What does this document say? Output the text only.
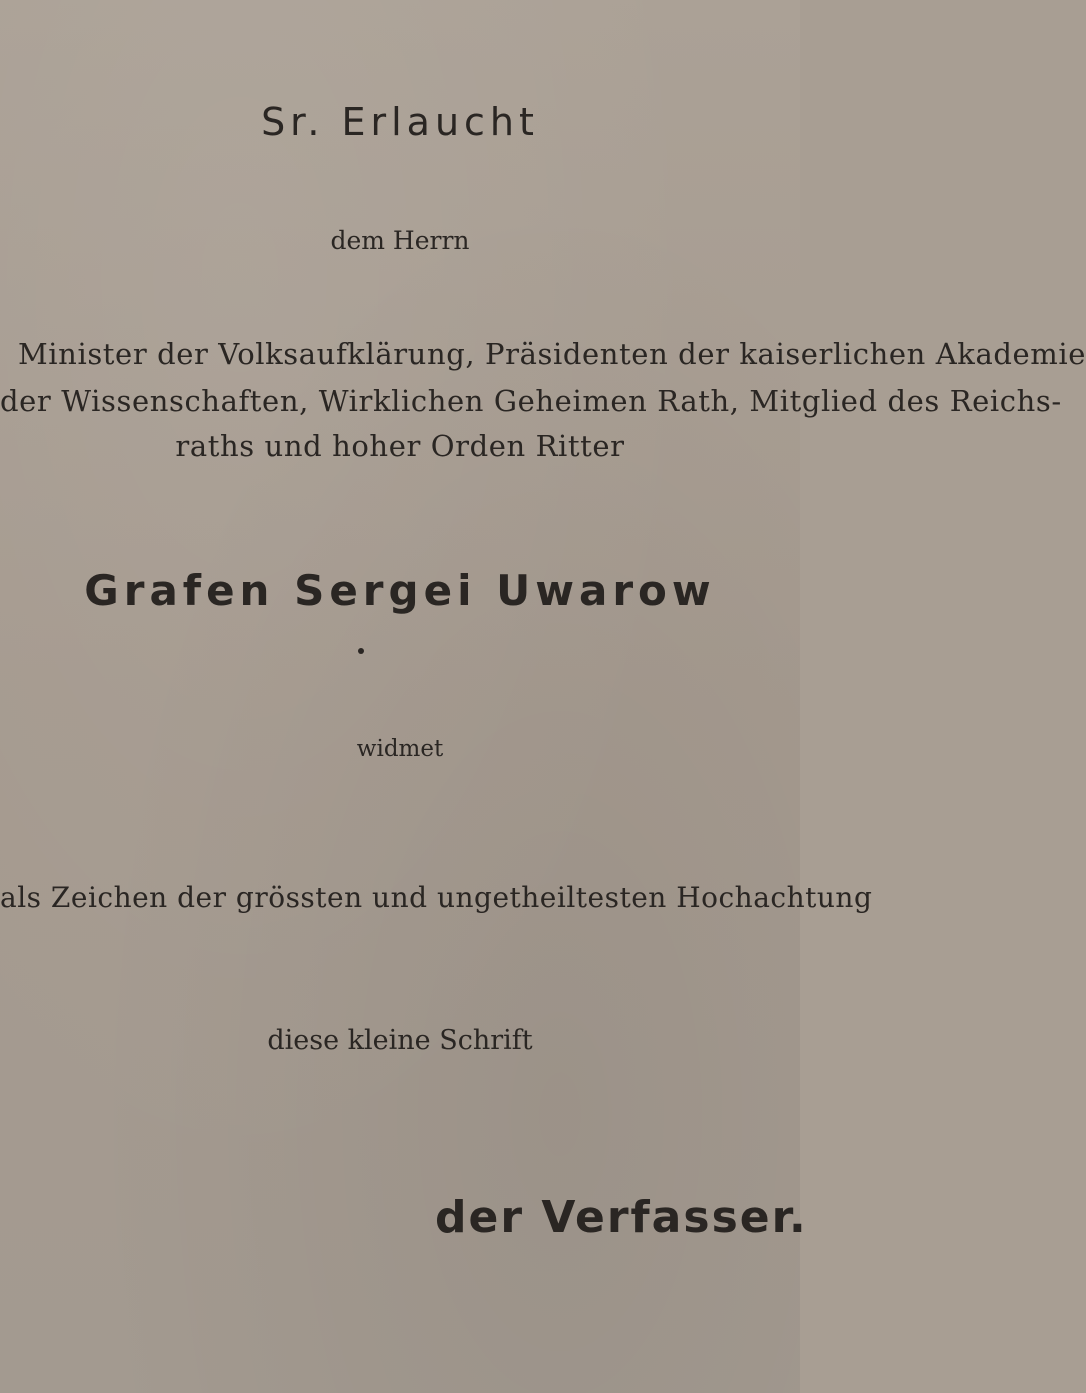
Sr. Erlaucht
dem Herrn
Minister der Volksaufklärung, Präsidenten der kaiserlichen Akademie
der Wissenschaften, Wirklichen Geheimen Rath, Mitglied des Reichs-
raths und hoher Orden Ritter
Grafen Sergei Uwarow
widmet
als Zeichen der grössten und ungetheiltesten Hochachtung
diese kleine Schrift
der Verfasser.
